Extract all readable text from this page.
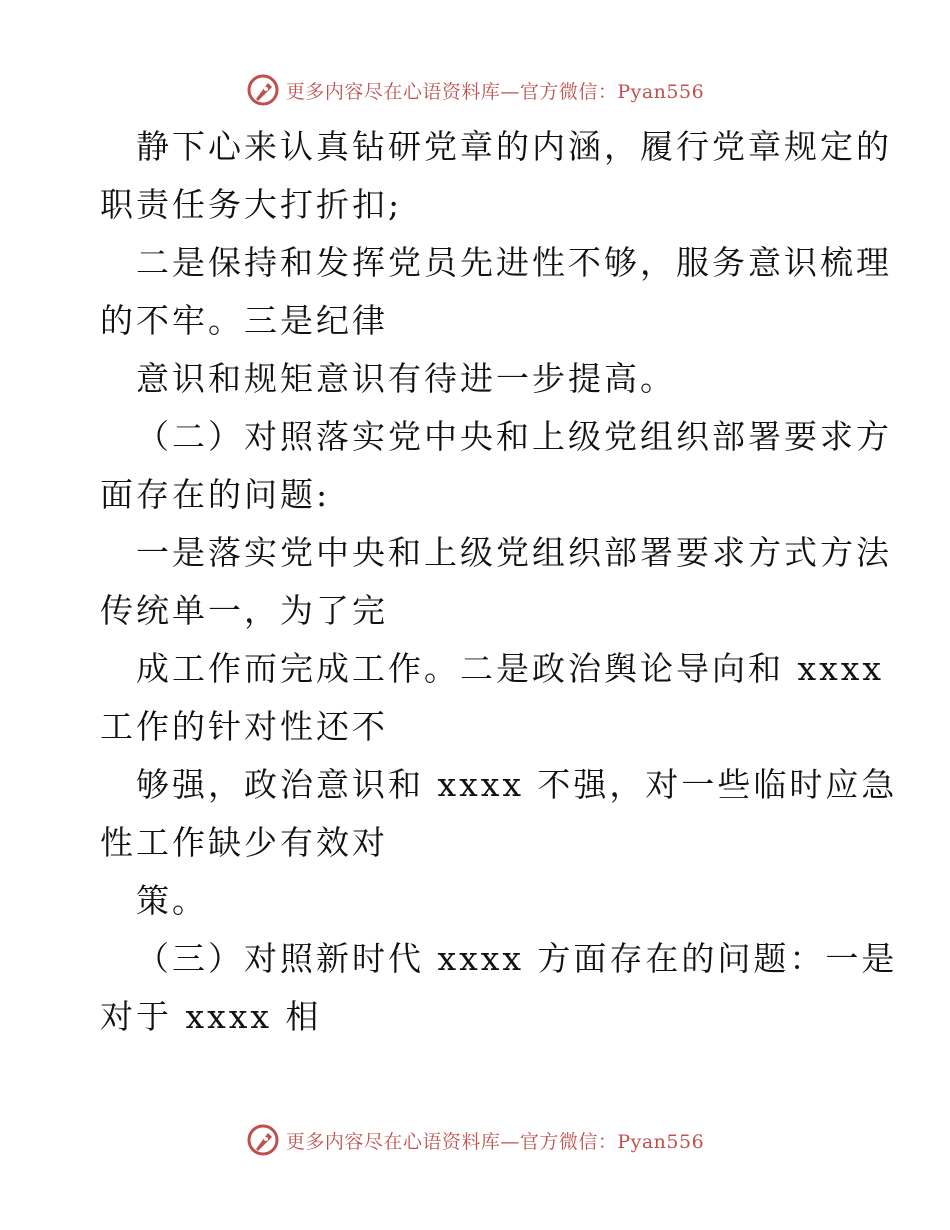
更多内容尽在心语资料库—官方微信：Pyan556
静下心来认真钻研党章的内涵，履行党章规定的
职责任务大打折扣;
二是保持和发挥党员先进性不够，服务意识梳理
的不牢。三是纪律
意识和规矩意识有待进一步提高。
（二）对照落实党中央和上级党组织部署要求方
面存在的问题:
一是落实党中央和上级党组织部署要求方式方法
传统单一，为了完
成工作而完成工作。二是政治舆论导向和 xxxx
工作的针对性还不
够强，政治意识和 xxxx 不强，对一些临时应急
性工作缺少有效对
策。
（三）对照新时代 xxxx 方面存在的问题：一是
对于 xxxx 相
更多内容尽在心语资料库—官方微信：Pyan556
